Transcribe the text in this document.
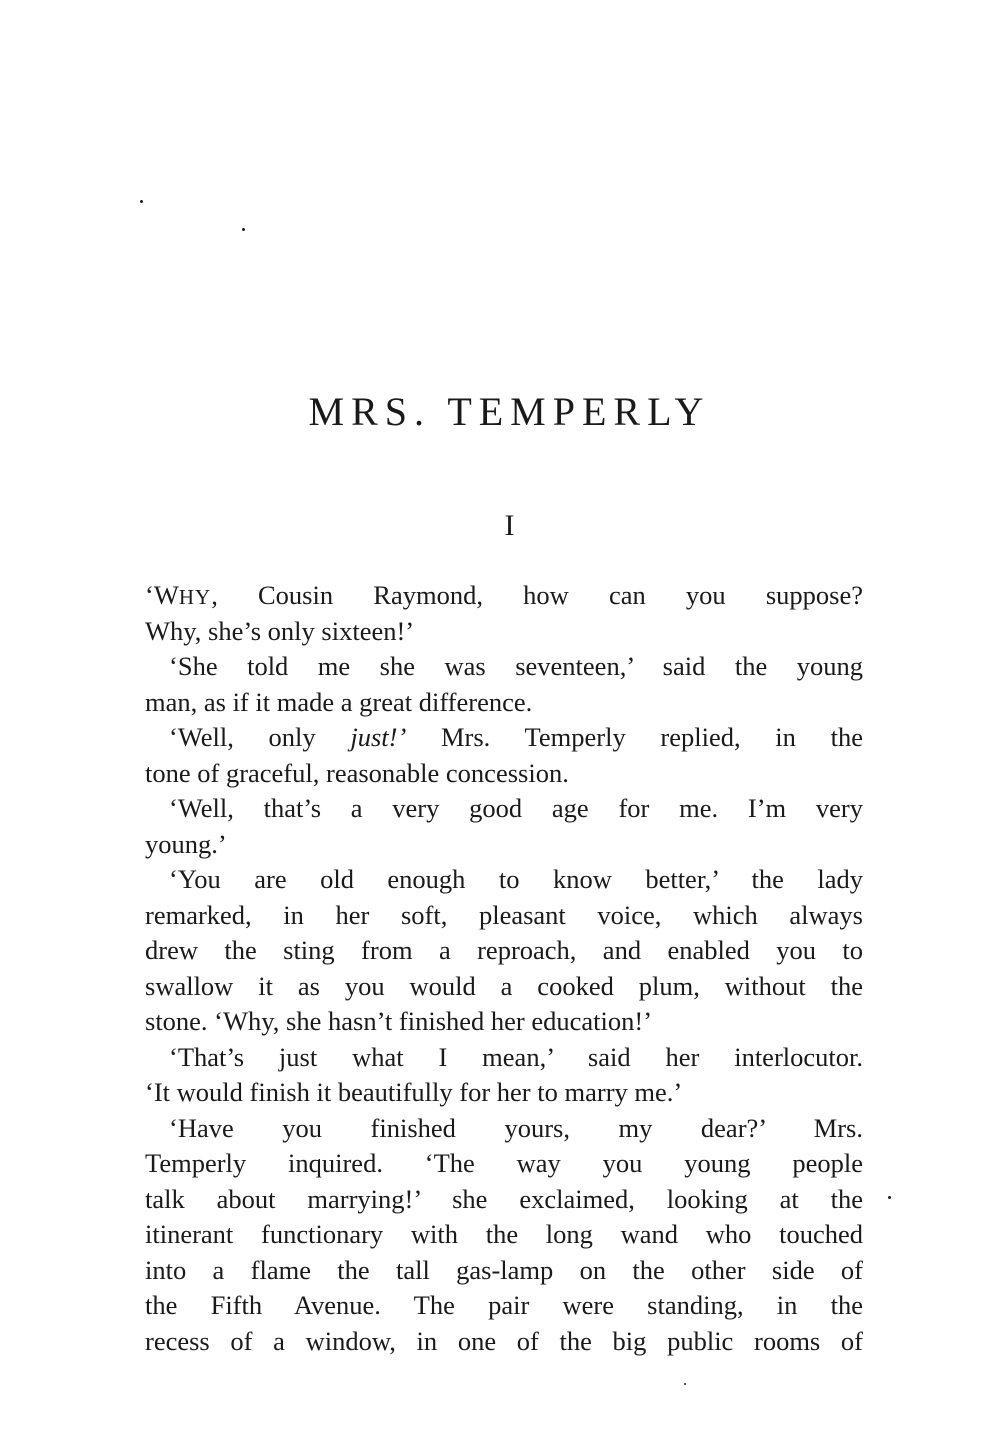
MRS. TEMPERLY
I
‘WHY, Cousin Raymond, how can you suppose?
Why, she’s only sixteen!’
‘She told me she was seventeen,’ said the young
man, as if it made a great difference.
‘Well, only just!’ Mrs. Temperly replied, in the
tone of graceful, reasonable concession.
‘Well, that’s a very good age for me. I’m very
young.’
‘You are old enough to know better,’ the lady
remarked, in her soft, pleasant voice, which always
drew the sting from a reproach, and enabled you to
swallow it as you would a cooked plum, without the
stone. ‘Why, she hasn’t finished her education!’
‘That’s just what I mean,’ said her interlocutor.
‘It would finish it beautifully for her to marry me.’
‘Have you finished yours, my dear?’ Mrs.
Temperly inquired. ‘The way you young people
talk about marrying!’ she exclaimed, looking at the
itinerant functionary with the long wand who touched
into a flame the tall gas-lamp on the other side of
the Fifth Avenue. The pair were standing, in the
recess of a window, in one of the big public rooms of
